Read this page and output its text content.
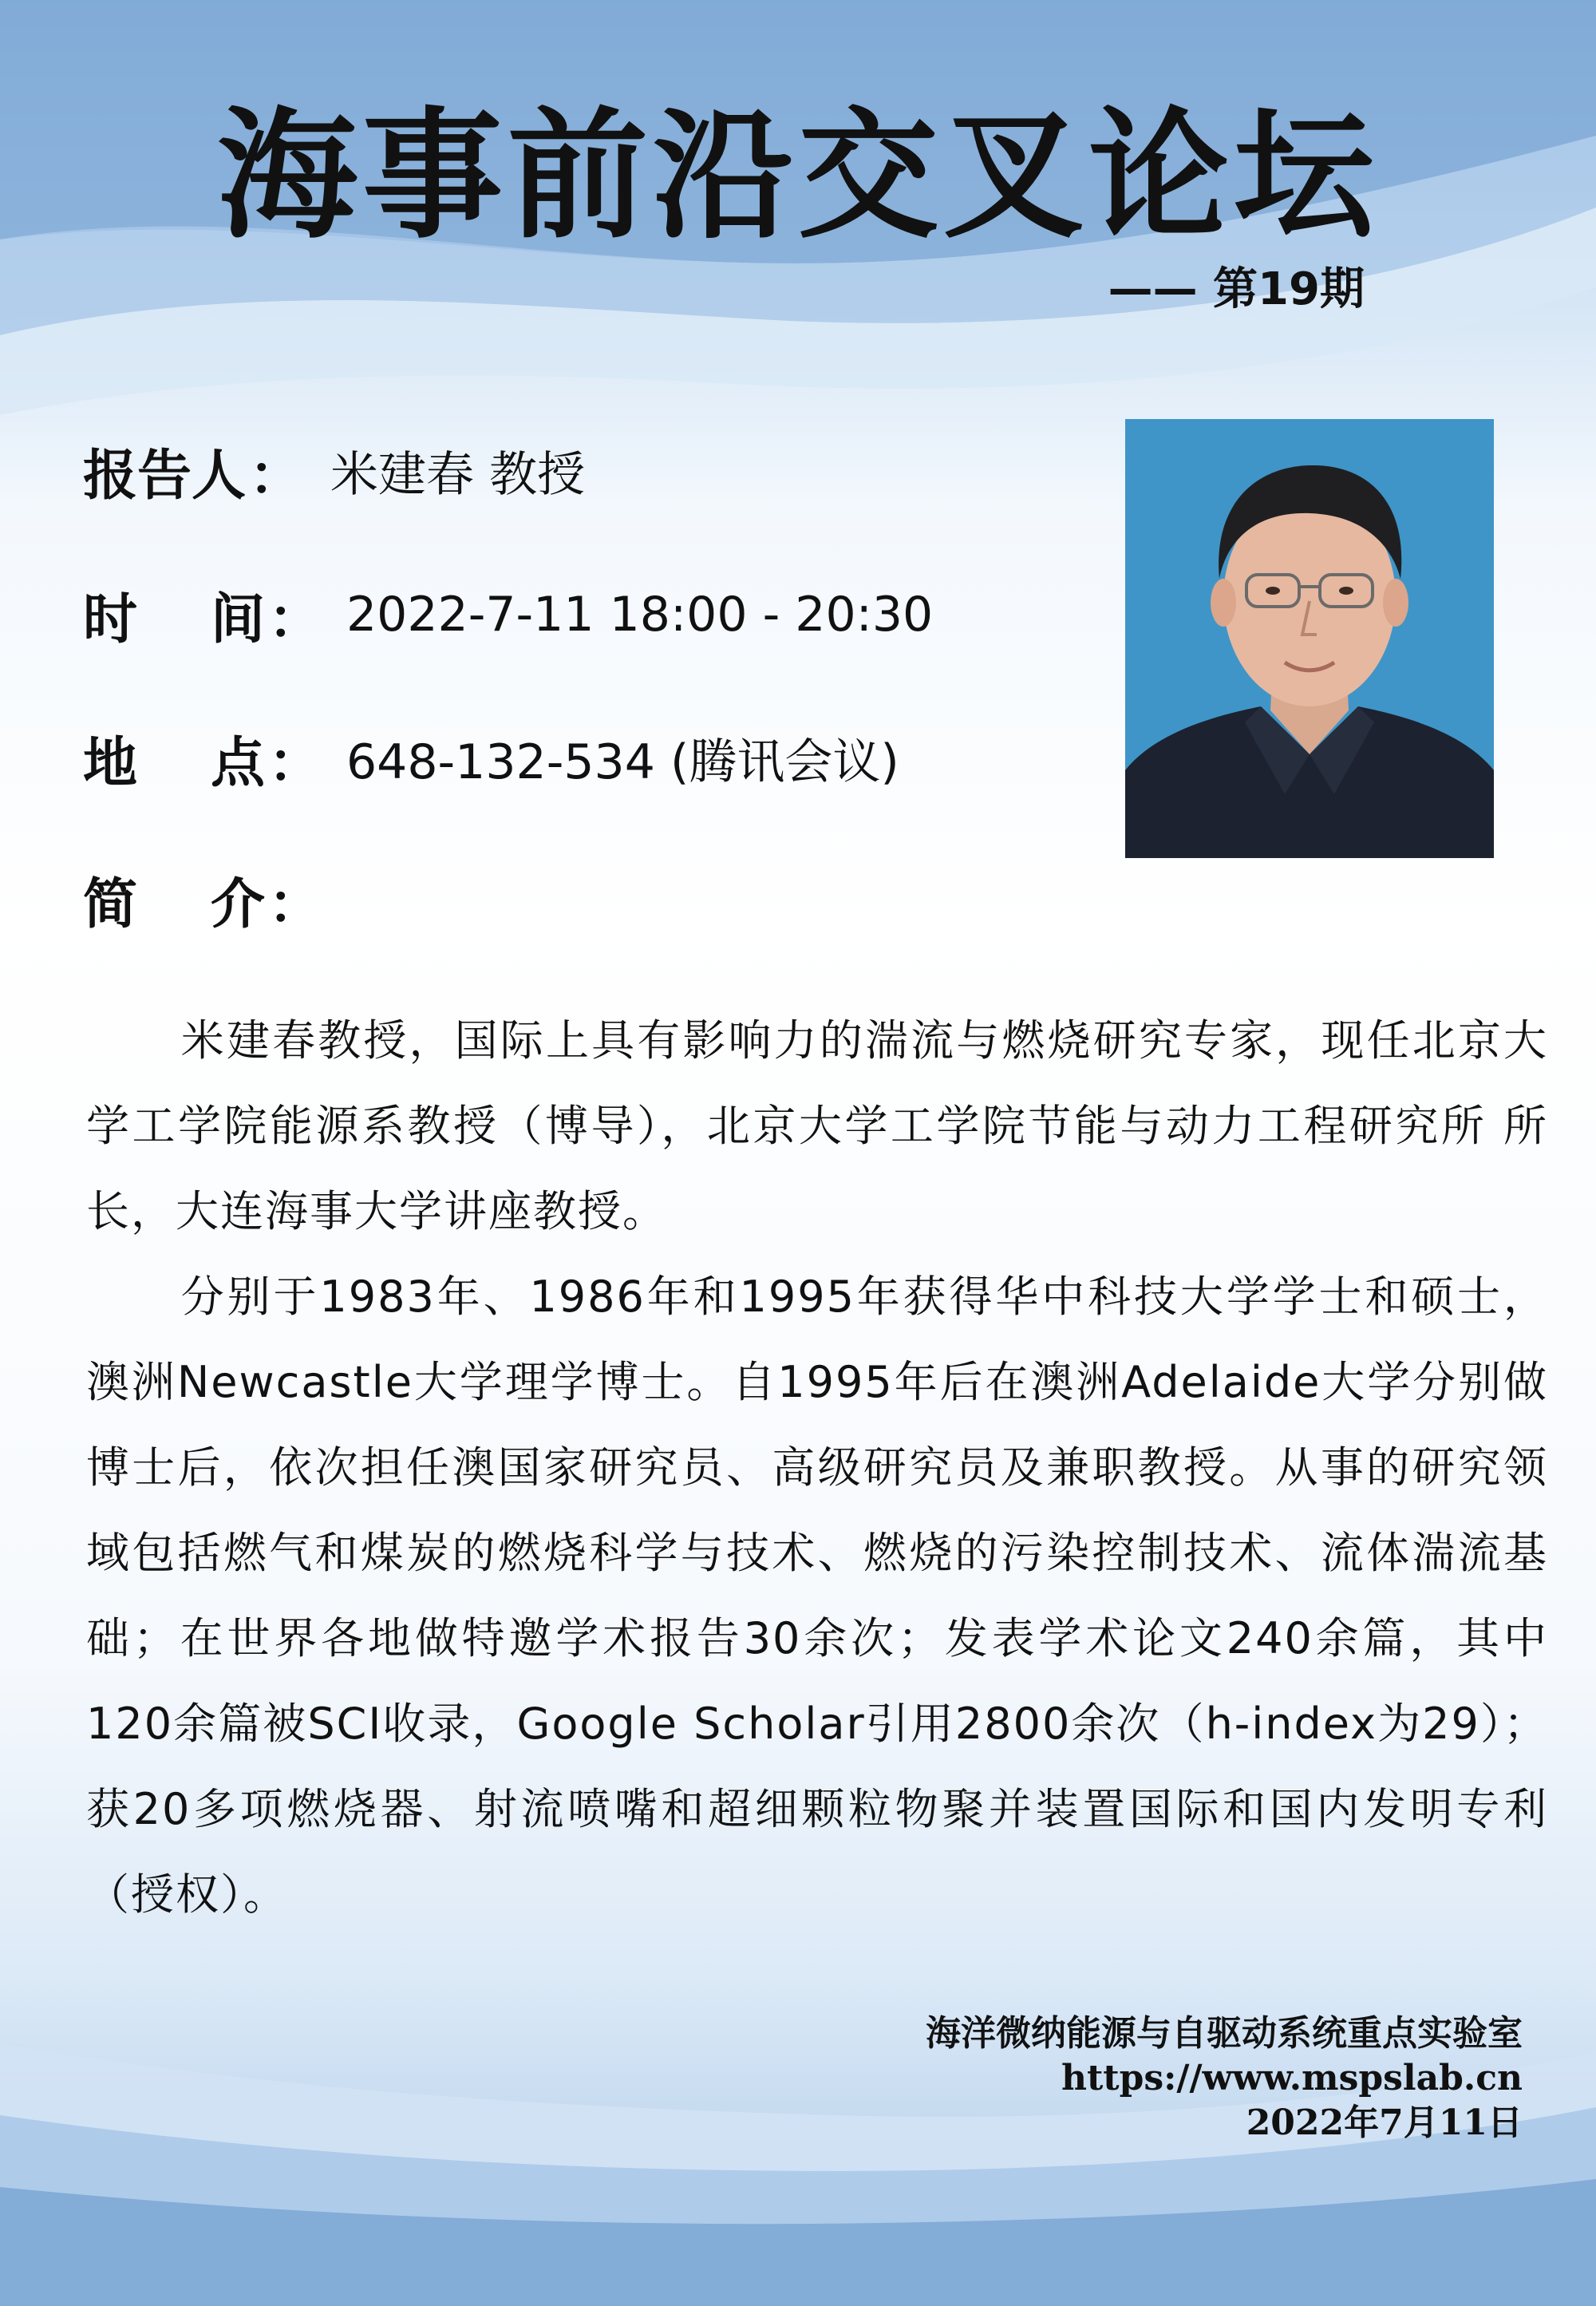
海事前沿交叉论坛
—— 第19期
报告人 ： 米建春 教授
时 间： 2022-7-11 18:00 - 20:30
地 点： 648-132-534 (腾讯会议)
简 介：

米建春教授，国际上具有影响力的湍流与燃烧研究专家，现任北京大学工学院能源系教授（博导），北京大学工学院节能与动力工程研究所 所长，大连海事大学讲座教授。

分别于1983年、1986年和1995年获得华中科技大学学士和硕士，澳洲Newcastle大学理学博士。自1995年后在澳洲Adelaide大学分别做博士后，依次担任澳国家研究员、高级研究员及兼职教授。从事的研究领域包括燃气和煤炭的燃烧科学与技术、燃烧的污染控制技术、流体湍流基础；在世界各地做特邀学术报告30余次；发表学术论文240余篇，其中120余篇被SCI收录，Google Scholar引用2800余次（h-index为29）；获20多项燃烧器、射流喷嘴和超细颗粒物聚并装置国际和国内发明专利（授权）。

海洋微纳能源与自驱动系统重点实验室
https://www.mspslab.cn
2022年7月11日
